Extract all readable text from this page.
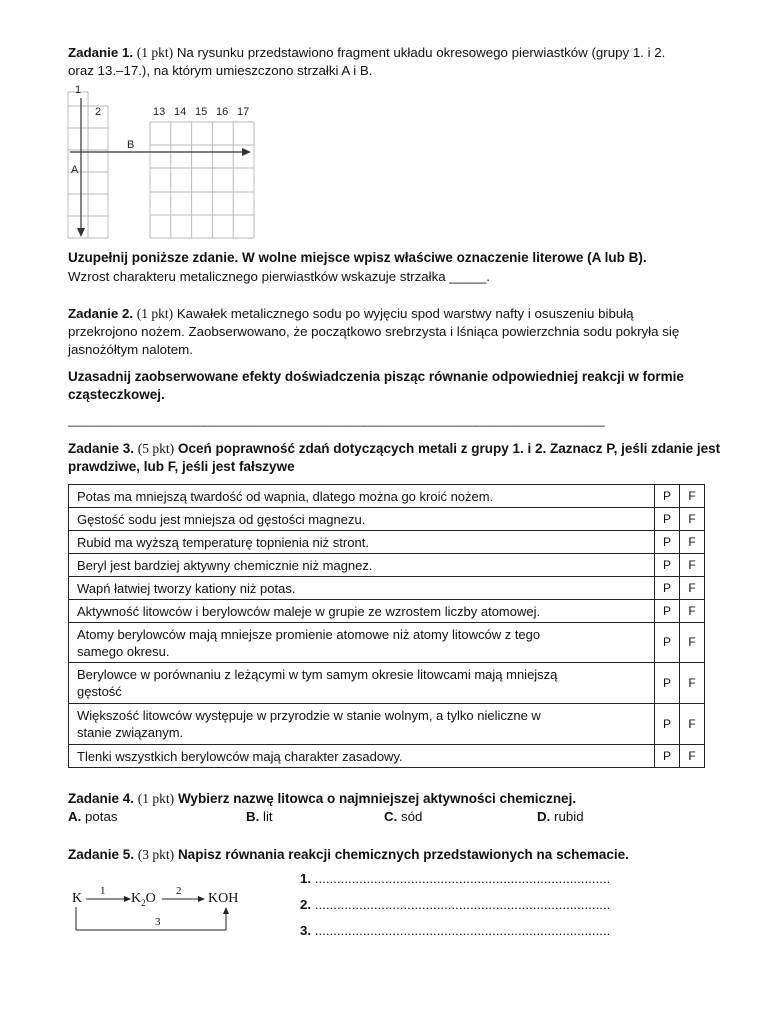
Zadanie 1. (1 pkt) Na rysunku przedstawiono fragment układu okresowego pierwiastków (grupy 1. i 2.
oraz 13.–17.), na którym umieszczono strzałki A i B.
1
2	13 14 15 16 17
B
A
Uzupełnij poniższe zdanie. W wolne miejsce wpisz właściwe oznaczenie literowe (A lub B).
Wzrost charakteru metalicznego pierwiastków wskazuje strzałka _____.
Zadanie 2. (1 pkt) Kawałek metalicznego sodu po wyjęciu spod warstwy nafty i osuszeniu bibułą
przekrojono nożem. Zaobserwowano, że początkowo srebrzysta i lśniąca powierzchnia sodu pokryła się
jasnożółtym nalotem.
Uzasadnij zaobserwowane efekty doświadczenia pisząc równanie odpowiedniej reakcji w formie
cząsteczkowej.
_____________________________________________________________________________
Zadanie 3. (5 pkt) Oceń poprawność zdań dotyczących metali z grupy 1. i 2. Zaznacz P, jeśli zdanie jest
prawdziwe, lub F, jeśli jest fałszywe
Potas ma mniejszą twardość od wapnia, dlatego można go kroić nożem.	P	F
Gęstość sodu jest mniejsza od gęstości magnezu.	P	F
Rubid ma wyższą temperaturę topnienia niż stront.	P	F
Beryl jest bardziej aktywny chemicznie niż magnez.	P	F
Wapń łatwiej tworzy kationy niż potas.	P	F
Aktywność litowców i berylowców maleje w grupie ze wzrostem liczby atomowej.	P	F

Atomy berylowców mają mniejsze promienie atomowe niż atomy litowców z tego
samego okresu.	P	F

Berylowce w porównaniu z leżącymi w tym samym okresie litowcami mają mniejszą
gęstość	P	F

Większość litowców występuje w przyrodzie w stanie wolnym, a tylko nieliczne w
stanie związanym.	P	F
Tlenki wszystkich berylowców mają charakter zasadowy.	P	F
Zadanie 4. (1 pkt) Wybierz nazwę litowca o najmniejszej aktywności chemicznej.
A. potas	B. lit	C. sód	D. rubid
Zadanie 5. (3 pkt) Napisz równania reakcji chemicznych przedstawionych na schemacie.
K 1 $K_2O$ 2 KOH
3
1. ................................................................................
2. ................................................................................
3. ................................................................................
